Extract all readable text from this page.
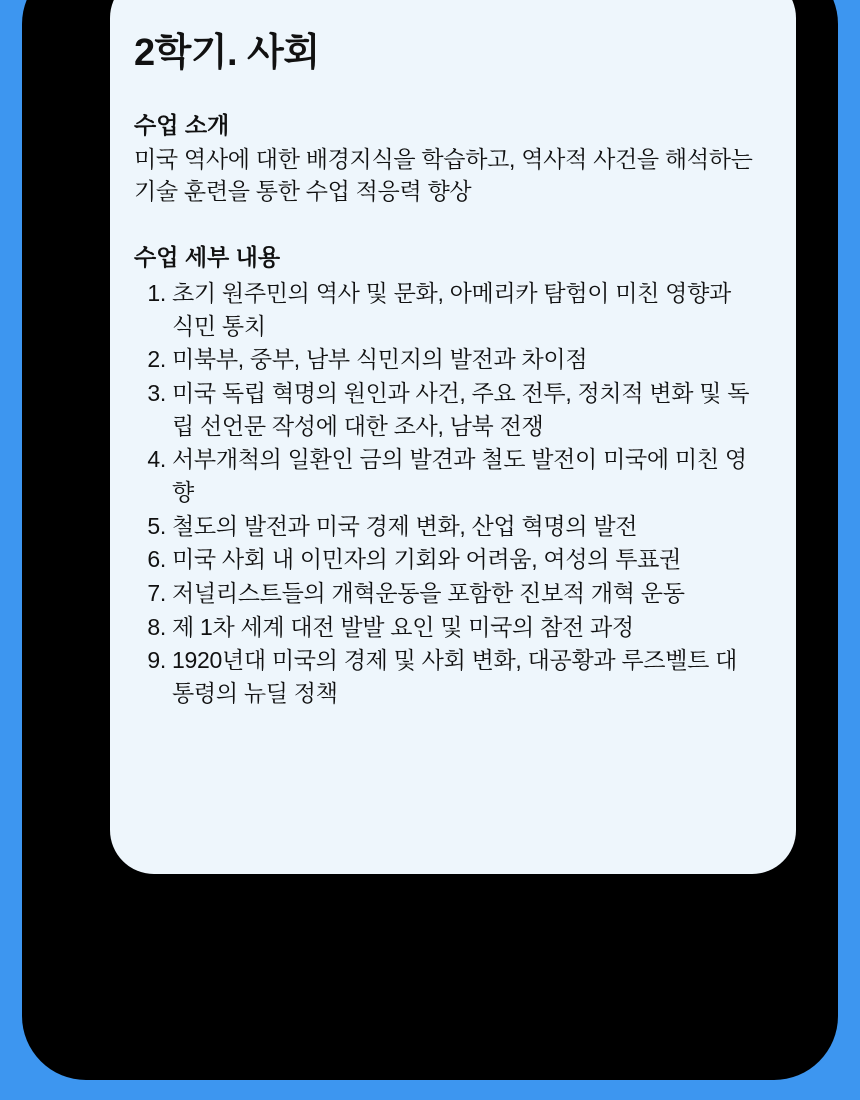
2학기. 사회
수업 소개

미국 역사에 대한 배경지식을 학습하고, 역사적 사건을 해석하는 기술 훈련을 통한 수업 적응력 향상

수업 세부 내용
1. 초기 원주민의 역사 및 문화, 아메리카 탐험이 미친 영향과 식민 통치
2. 미북부, 중부, 남부 식민지의 발전과 차이점
3. 미국 독립 혁명의 원인과 사건, 주요 전투, 정치적 변화 및 독립 선언문 작성에 대한 조사, 남북 전쟁
4. 서부개척의 일환인 금의 발견과 철도 발전이 미국에 미친 영향
5. 철도의 발전과 미국 경제 변화, 산업 혁명의 발전
6. 미국 사회 내 이민자의 기회와 어려움, 여성의 투표권
7. 저널리스트들의 개혁운동을 포함한 진보적 개혁 운동
8. 제 1차 세계 대전 발발 요인 및 미국의 참전 과정
9. 1920년대 미국의 경제 및 사회 변화, 대공황과 루즈벨트 대통령의 뉴딜 정책
